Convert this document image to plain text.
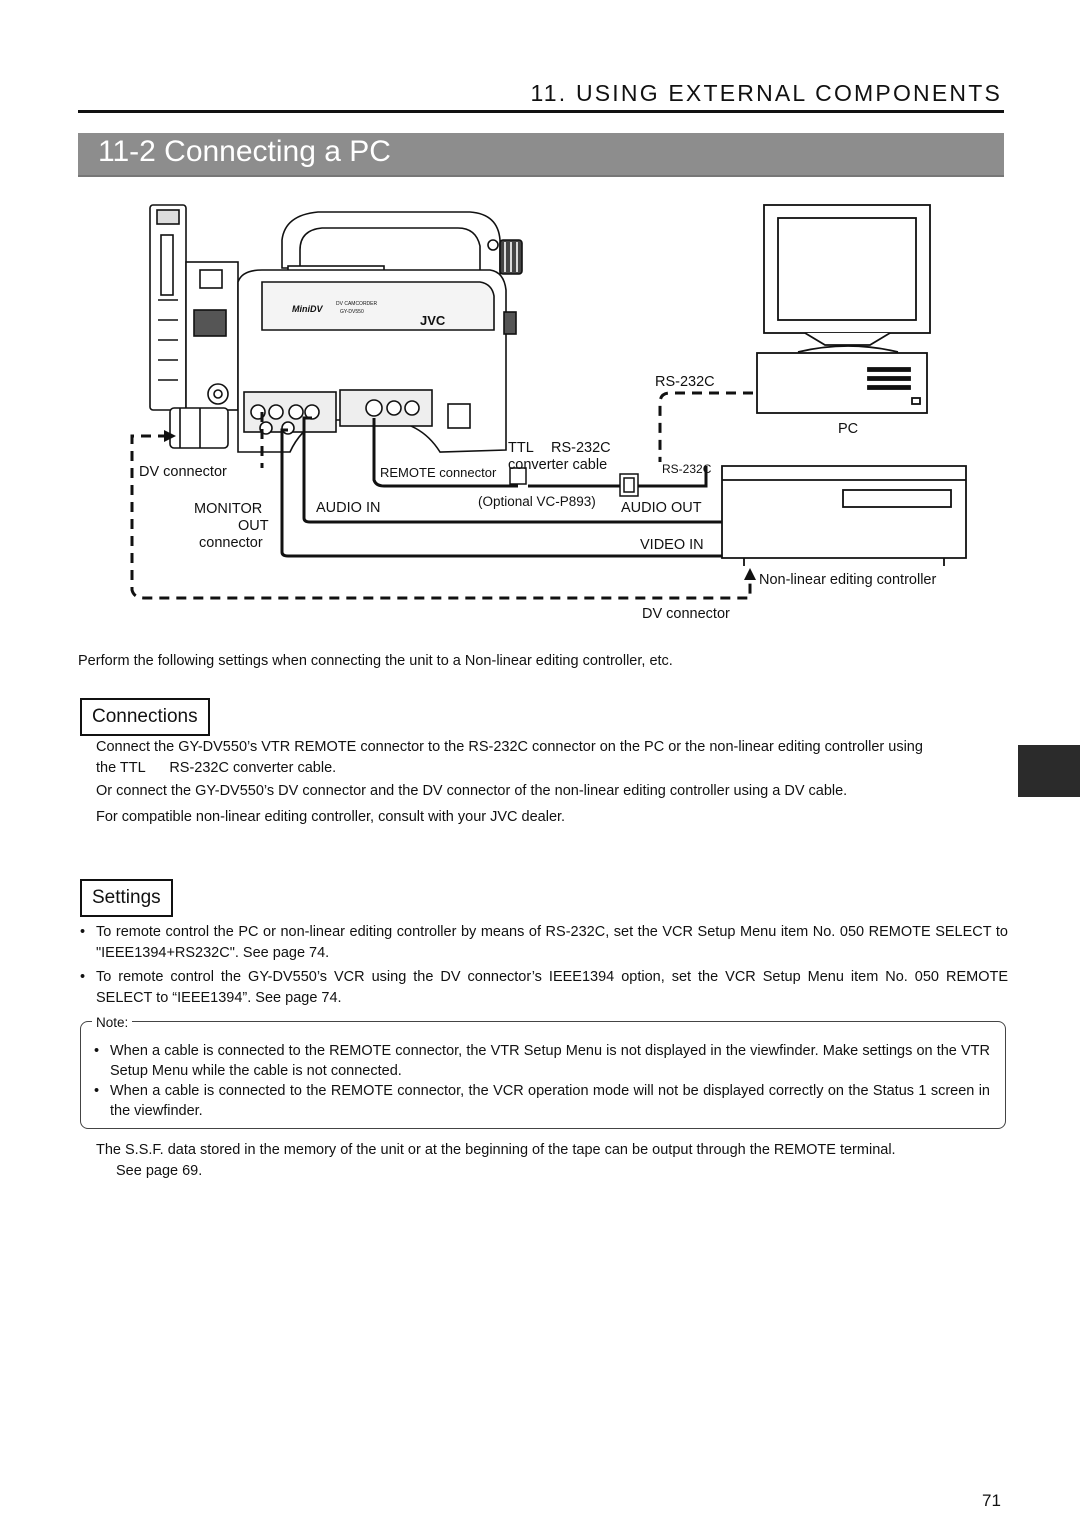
11. USING EXTERNAL COMPONENTS
11-2 Connecting a PC
MiniDV	DV CAMCORDER
GY-DV550
JVC
RS-232C
PC
TTL RS-232C
converter cable
REMOTE connector	RS-232C
(Optional VC-P893)
DV connector
MONITOR
OUT
connector
AUDIO IN	AUDIO OUT
VIDEO IN
Non-linear editing controller
DV connector
Perform the following settings when connecting the unit to a Non-linear editing controller, etc.
Connections
Connect the GY-DV550’s VTR REMOTE connector to the RS-232C connector on the PC or the non-linear editing controller using
the TTL      RS-232C converter cable.
Or connect the GY-DV550’s DV connector and the DV connector of the non-linear editing controller using a DV cable.
For compatible non-linear editing controller, consult with your JVC dealer.
Settings
• To remote control the PC or non-linear editing controller by means of RS-232C, set the VCR Setup Menu item No. 050 REMOTE SELECT to "IEEE1394+RS232C". See page 74.
• To remote control the GY-DV550’s VCR using the DV connector’s IEEE1394 option, set the VCR Setup Menu item No. 050 REMOTE SELECT to “IEEE1394”. See page 74.
Note:
• When a cable is connected to the REMOTE connector, the VTR Setup Menu is not displayed in the viewfinder. Make settings on the VTR Setup Menu while the cable is not connected.
• When a cable is connected to the REMOTE connector, the VCR operation mode will not be displayed correctly on the Status 1 screen in the viewfinder.
The S.S.F. data stored in the memory of the unit or at the beginning of the tape can be output through the REMOTE terminal.
See page 69.
71
